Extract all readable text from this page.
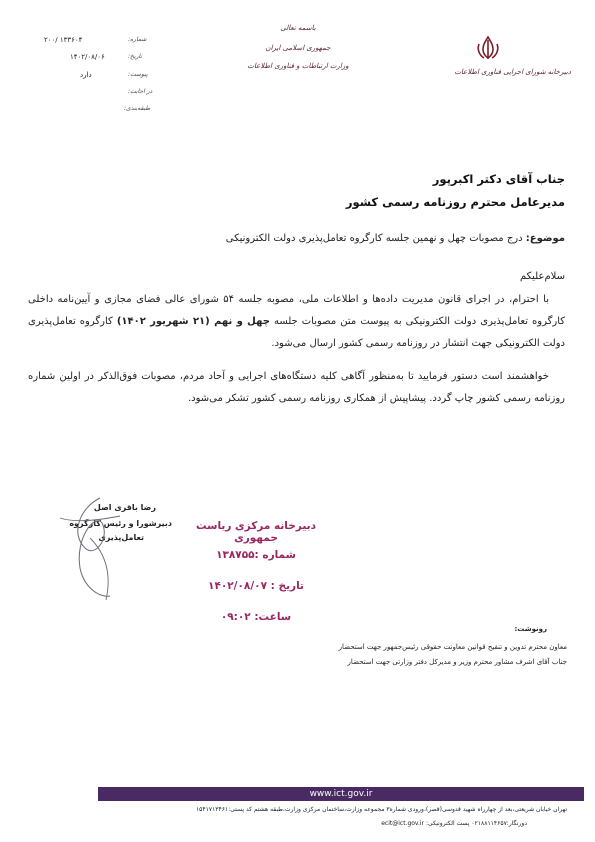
۲۰۰/ ۱۳۳۶۰۴	شماره:
۱۴۰۲/۰۸/۰۶	تاریخ:
دارد	پیوست:
در اجابت:
طبقه‌بندی:
باسمه تعالی
جمهوری اسلامی ایران
وزارت ارتباطات و فناوری اطلاعات
دبیرخانه شورای اجرایی فناوری اطلاعات
جناب آقای دکتر اکبرپور
مدیرعامل محترم روزنامه رسمی کشور
موضوع: درج مصوبات چهل و نهمین جلسه کارگروه تعامل‌پذیری دولت الکترونیکی
سلام‌علیکم
با احترام، در اجرای قانون مدیریت داده‌ها و اطلاعات ملی، مصوبه جلسه ۵۴ شورای عالی فضای مجازی و آیین‌نامه داخلی کارگروه تعامل‌پذیری دولت الکترونیکی به پیوست متن مصوبات جلسه چهل و نهم (۲۱ شهریور ۱۴۰۲) کارگروه تعامل‌پذیری دولت الکترونیکی جهت انتشار در روزنامه رسمی کشور ارسال می‌شود.
خواهشمند است دستور فرمایید تا به‌منظور آگاهی کلیه دستگاه‌های اجرایی و آحاد مردم، مصوبات فوق‌الذکر در اولین شماره روزنامه رسمی کشور چاپ گردد. پیشاپیش از همکاری روزنامه رسمی کشور تشکر می‌شود.
رضا باقری اصل
دبیرشورا و رئیس کارگروه
تعامل‌پذیری
دبیرخانه مرکزی ریاست جمهوری
شماره :۱۳۸۷۵۵
تاریخ : ۱۴۰۲/۰۸/۰۷
ساعت: ۰۹:۰۲
رونوشت:
معاون محترم تدوین و تنقیح قوانین معاونت حقوقی رئیس‌جمهور جهت استحضار
جناب آقای اشرف مشاور محترم وزیر و مدیرکل دفتر وزارتی جهت استحضار
www.ict.gov.ir
تهران خیابان شریعتی،بعد از چهارراه شهید قدوسی(قصر)،ورودی شماره۳ مجموعه وزارت،ساختمان مرکزی وزارت،طبقه هشتم کد پستی:۱۵۴۱۷۱۳۴۶۱
دورنگار:۰۲۱۸۸۱۱۴۶۵۷ پست الکترونیکی: ecit@ict.gov.ir
